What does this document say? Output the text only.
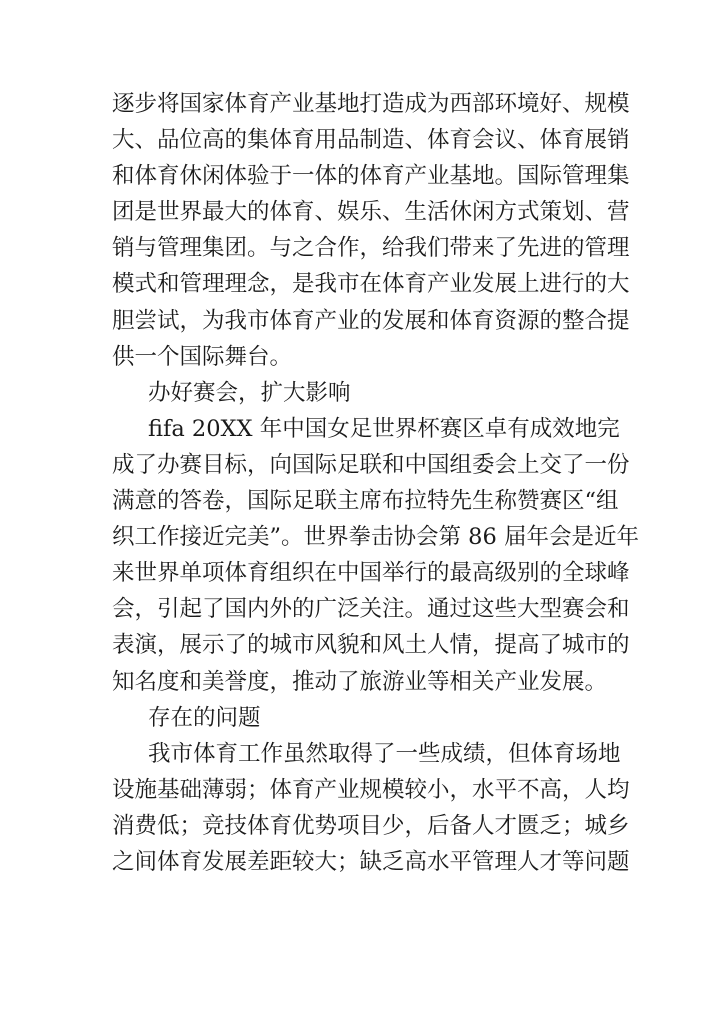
逐步将国家体育产业基地打造成为西部环境好、规模
大、品位高的集体育用品制造、体育会议、体育展销
和体育休闲体验于一体的体育产业基地。国际管理集
团是世界最大的体育、娱乐、生活休闲方式策划、营
销与管理集团。与之合作，给我们带来了先进的管理
模式和管理理念，是我市在体育产业发展上进行的大
胆尝试，为我市体育产业的发展和体育资源的整合提
供一个国际舞台。
办好赛会，扩大影响
fifa 20XX 年中国女足世界杯赛区卓有成效地完
成了办赛目标，向国际足联和中国组委会上交了一份
满意的答卷，国际足联主席布拉特先生称赞赛区“组
织工作接近完美”。世界拳击协会第 86 届年会是近年
来世界单项体育组织在中国举行的最高级别的全球峰
会，引起了国内外的广泛关注。通过这些大型赛会和
表演，展示了的城市风貌和风土人情，提高了城市的
知名度和美誉度，推动了旅游业等相关产业发展。
存在的问题
我市体育工作虽然取得了一些成绩，但体育场地
设施基础薄弱；体育产业规模较小，水平不高，人均
消费低；竞技体育优势项目少，后备人才匮乏；城乡
之间体育发展差距较大；缺乏高水平管理人才等问题
